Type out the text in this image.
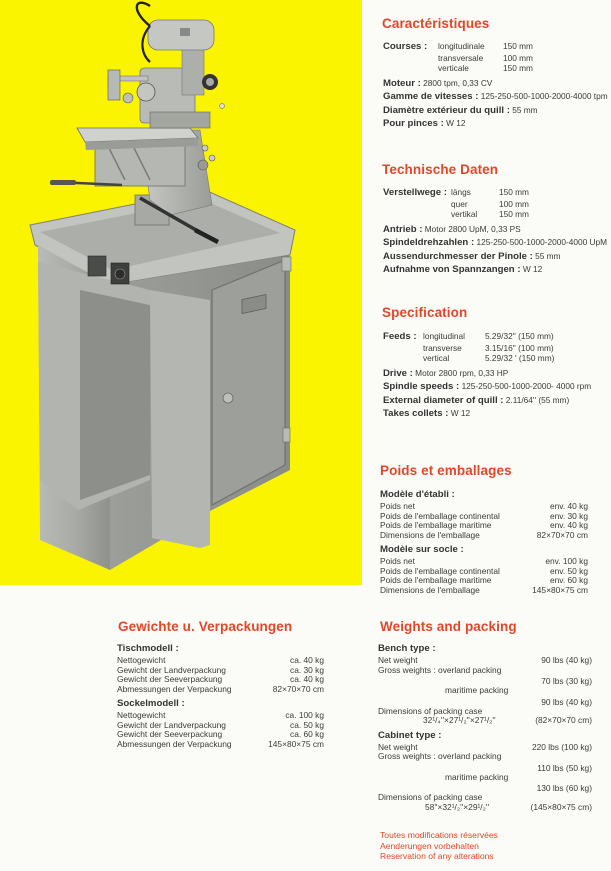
Caractéristiques
Courses : longitudinale 150 mm
transversale 100 mm
verticale	150 mm
Moteur : 2800 tpm, 0,33 CV
Gamme de vitesses : 125-250-500-1000-2000-4000 tpm
Diamètre extérieur du quill : 55 mm
Pour pinces : W 12
Technische Daten
Verstellwege : längs	150 mm
quer	100 mm
vertikal	150 mm
Antrieb : Motor 2800 UpM, 0,33 PS
Spindeldrehzahlen : 125-250-500-1000-2000-4000 UpM
Aussendurchmesser der Pinole : 55 mm
Aufnahme von Spannzangen : W 12
Specification
Feeds : longitudinal 5.29/32'' (150 mm)
transverse	3.15/16'' (100 mm)
vertical	5.29/32 ' (150 mm)
Drive : Motor 2800 rpm, 0,33 HP
Spindle speeds : 125-250-500-1000-2000- 4000 rpm
External diameter of quill : 2.11/64'' (55 mm)
Takes collets : W 12
Poids et emballages
Modèle d'établi :
Poids net	env. 40 kg
Poids de l'emballage continental	env. 30 kg
Poids de l'emballage maritime	env. 40 kg
Dimensions de l'emballage	82×70×70 cm
Modèle sur socle :
Poids net	env. 100 kg
Poids de l'emballage continental	env. 50 kg
Poids de l'emballage maritime	env. 60 kg
Dimensions de l'emballage	145×80×75 cm
Gewichte u. Verpackungen
Tischmodell :
Nettogewicht	ca. 40 kg
Gewicht der Landverpackung	ca. 30 kg
Gewicht der Seeverpackung	ca. 40 kg
Abmessungen der Verpackung	82×70×70 cm
Sockelmodell :
Nettogewicht	ca. 100 kg
Gewicht der Landverpackung	ca. 50 kg
Gewicht der Seeverpackung	ca. 60 kg
Abmessungen der Verpackung	145×80×75 cm
Weights and packing
Bench type :
Net weight	90 lbs (40 kg)
Gross weights : overland packing
70 lbs (30 kg)
maritime packing
90 lbs (40 kg)
Dimensions of packing case
32¹/₄''×27¹/₂''×27¹/₂''	(82×70×70 cm)
Cabinet type :
Net weight	220 lbs (100 kg)
Gross weights : overland packing
110 lbs (50 kg)
maritime packing
130 lbs (60 kg)
Dimensions of packing case
58''×32¹/₂''×29¹/₂''	(145×80×75 cm)
Toutes modifications réservées
Aenderungen vorbehalten
Reservation of any alterations
